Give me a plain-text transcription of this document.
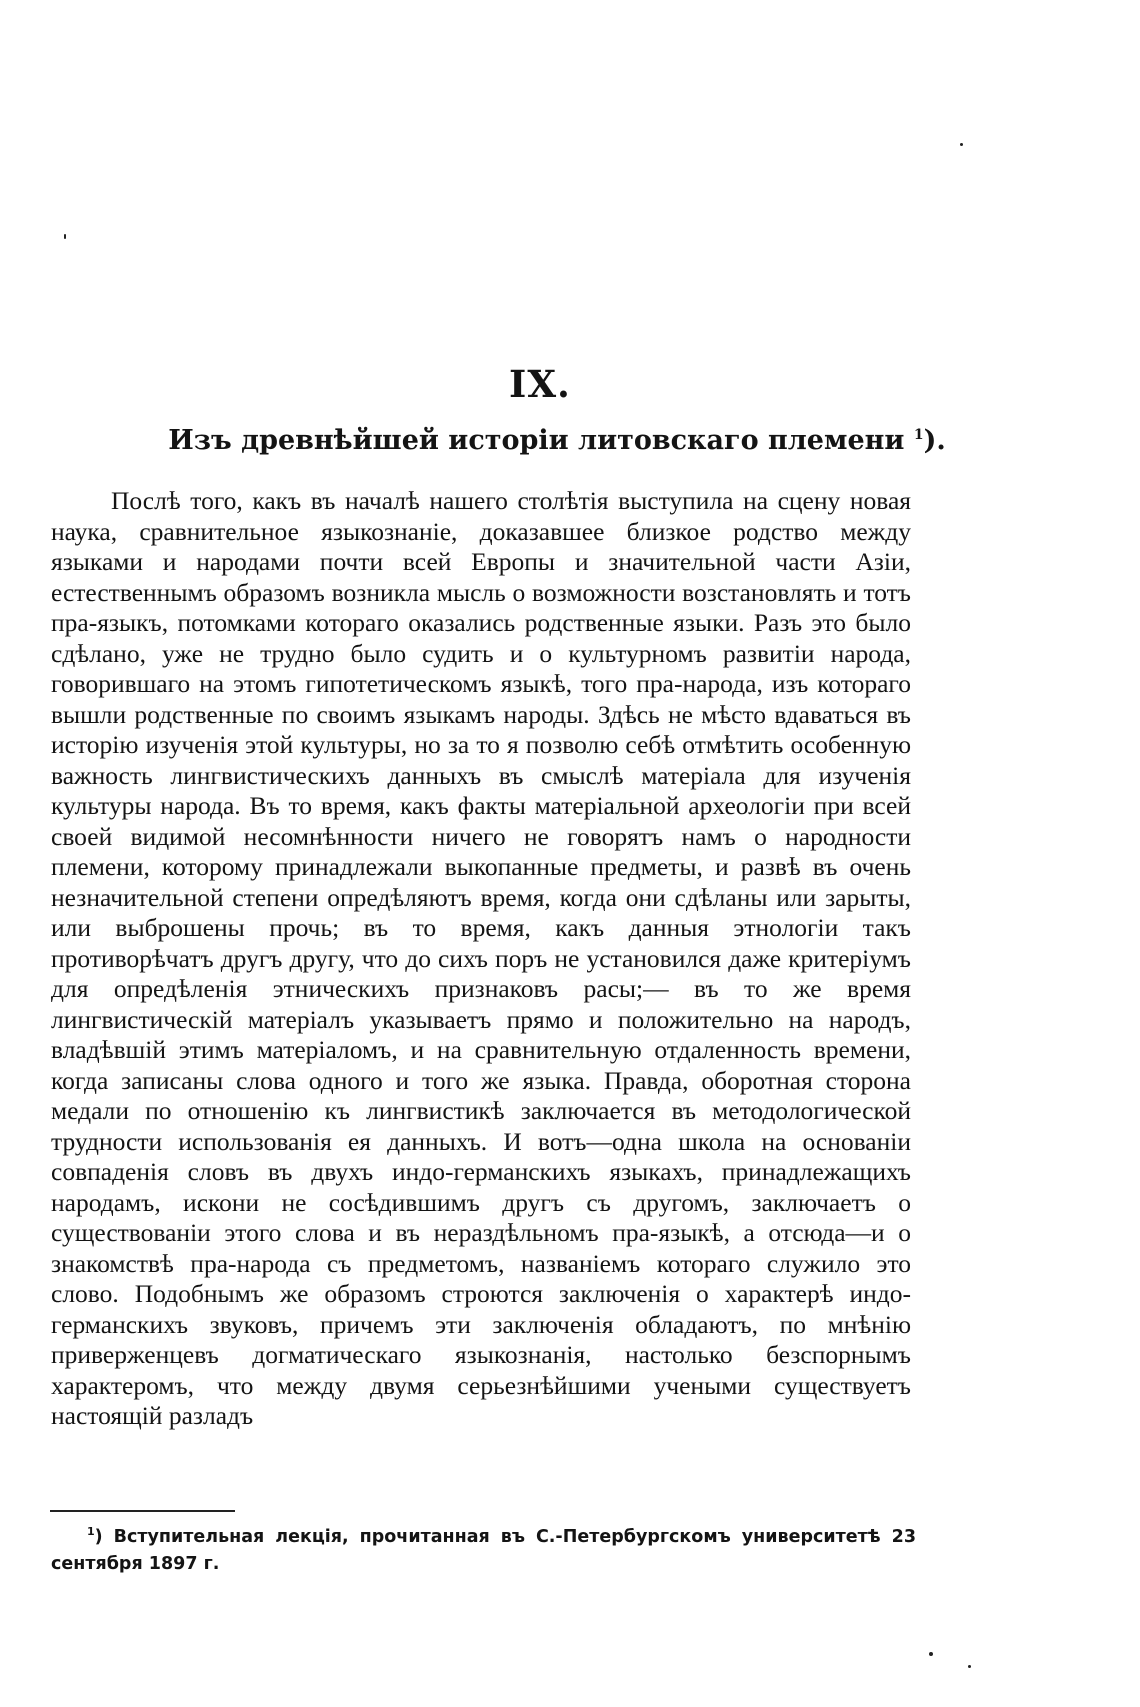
IX.
Изъ древнѣйшей исторіи литовскаго племени $^1$).

Послѣ того, какъ въ началѣ нашего столѣтія выступила на сцену новая наука, сравнительное языкознаніе, доказавшее близкое родство между языками и народами почти всей Европы и значительной части Азіи, естественнымъ образомъ возникла мысль о возможности возстановлять и тотъ пра-языкъ, потомками котораго оказались родственные языки. Разъ это было сдѣлано, уже не трудно было судить и о культурномъ развитіи народа, говорившаго на этомъ гипотетическомъ языкѣ, того пра-народа, изъ котораго вышли родственные по своимъ языкамъ народы. Здѣсь не мѣсто вдаваться въ исторію изученія этой культуры, но за то я позволю себѣ отмѣтить особенную важность лингвистическихъ данныхъ въ смыслѣ матеріала для изученія культуры народа. Въ то время, какъ факты матеріальной археологіи при всей своей видимой несомнѣнности ничего не говорятъ намъ о народности племени, которому принадлежали выкопанные предметы, и развѣ въ очень незначительной степени опредѣляютъ время, когда они сдѣланы или зарыты, или выброшены прочь; въ то время, какъ данныя этнологіи такъ противорѣчатъ другъ другу, что до сихъ поръ не установился даже критеріумъ для опредѣленія этническихъ признаковъ расы;— въ то же время лингвистическій матеріалъ указываетъ прямо и положительно на народъ, владѣвшій этимъ матеріаломъ, и на сравнительную отдаленность времени, когда записаны слова одного и того же языка. Правда, оборотная сторона медали по отношенію къ лингвистикѣ заключается въ методологической трудности использованія ея данныхъ. И вотъ—одна школа на основаніи совпаденія словъ въ двухъ индо-германскихъ языкахъ, принадлежащихъ народамъ, искони не сосѣдившимъ другъ съ другомъ, заключаетъ о существованіи этого слова и въ нераздѣльномъ пра-языкѣ, а отсюда—и о знакомствѣ пра-народа съ предметомъ, названіемъ котораго служило это слово. Подобнымъ же образомъ строются заключенія о характерѣ индо-германскихъ звуковъ, причемъ эти заключенія обладаютъ, по мнѣнію приверженцевъ догматическаго языкознанія, настолько безспорнымъ характеромъ, что между двумя серьезнѣйшими учеными существуетъ настоящій разладъ

$^1$) Вступительная лекція, прочитанная въ С.-Петербургскомъ университетѣ 23 сентября 1897 г.
